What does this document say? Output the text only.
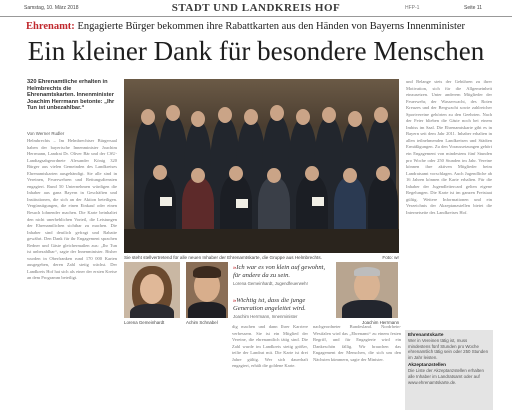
Samstag, 10. März 2018	STADT UND LANDKREIS HOF	HFP-1	Seite 11
Ehrenamt: Engagierte Bürger bekommen ihre Rabattkarten aus den Händen von Bayerns Innenminister
Ein kleiner Dank für besondere Menschen
320 Ehrenamtliche erhalten in Helmbrechts die Ehrenamtskarten. Innenminister Joachim Herrmann betonte: „Ihr Tun ist unbezahlbar.“
Von Werner Rudler
Helmbrechts – Im Helmbrechtser Bürgersaal haben der bayerische Innenminister Joachim Herrmann, Landrat Dr. Oliver Bär und der CSU-Landtagsabgeordnete Alexander König 320 Bürger aus vielen Gemeinden des Landkreises Ehrenamtskarten ausgehändigt. Sie alle sind in Vereinen, Feuerwehren und Rettungsdiensten engagiert. Rund 50 Unternehmen würdigen die Inhaber aus ganz Bayern in Geschäften und Institutionen, die sich an der Aktion beteiligen. Vergünstigungen, die einen Einkauf oder einen Besuch lohnender machen. Die Karte beinhaltet den nicht unerheblichen Vorteil, die Leistungen der Ehrenamtlichen sichtbar zu machen. Die Inhaber sind deutlich gefragt und Rabatte gewährt. Den Dank für ihr Engagement sprachen Redner und Gäste gleichermaßen aus: „Ihr Tun ist unbezahlbar“, sagte der Innenminister. Bisher wurden in Oberfranken rund 170 000 Karten ausgegeben, deren Zahl stetig wächst. Der Landkreis Hof hat sich als einer der ersten Kreise an dem Programm beteiligt.
Sie steht stellvertretend für alle neuen Inhaber der Ehrenamtskarte, die Gruppe aus Helmbrechts.	Foto: wr
Lorena Gemeinhardt	Achim Schnabel
»Ich war es von klein auf gewohnt, für andere da zu sein.
Lorena Gemeinhardt, Jugendfeuerwehr
»Wichtig ist, dass die junge Generation angeleitet wird.
Joachim Herrmann, Innenminister
Joachim Herrmann
dig machen und dann Ihrer Karriere verbessern. Sie ist ein Mitglied der Vereine, die ehrenamtlich tätig sind. Die Zahl wurde im Landkreis stetig größer, teilte der Landrat mit. Die Karte ist drei Jahre gültig. Wer sich dauerhaft engagiert, erhält die goldene Karte.
nachgeordneter Bundesland. Nordrhein-Westfalen wird das „Ehrenamt“ zu einem festen Begriff, und für Engagierte wird ein Dankeschön fällig. Wir brauchen das Engagement der Menschen, die sich um den Nächsten kümmern, sagte der Minister.
und Belange stets der Gebühren zu ihrer Motivation, sich für die Allgemeinheit einzusetzen. Unter anderem Mitglieder der Feuerwehr, der Wasserwacht, des Roten Kreuzes und der Bergwacht sowie zahlreicher Sportvereine gehörten zu den Geehrten. Nach der Feier blieben die Gäste noch bei einem Imbiss im Saal. Die Ehrenamtskarte gibt es in Bayern seit dem Jahr 2011. Inhaber erhalten in allen teilnehmenden Landkreisen und Städten Ermäßigungen. Zu den Voraussetzungen gehört ein Engagement von mindestens fünf Stunden pro Woche oder 250 Stunden im Jahr. Vereine können ihre aktiven Mitglieder beim Landratsamt vorschlagen. Auch Jugendliche ab 16 Jahren können die Karte erhalten. Für die Inhaber der Jugendleitercard gelten eigene Regelungen. Die Karte ist im ganzen Freistaat gültig. Weitere Informationen und ein Verzeichnis der Akzeptanzstellen bietet die Internetseite des Landkreises Hof.
Ehrenamtskarte
Wer in Vereinen tätig ist, muss mindestens fünf Stunden pro Woche ehrenamtlich tätig sein oder 250 Stunden im Jahr leisten.
Akzeptanzstellen
Die Liste der Akzeptanzstellen erhalten alle Inhaber im Landratsamt oder auf www.ehrenamtskarte.de.
